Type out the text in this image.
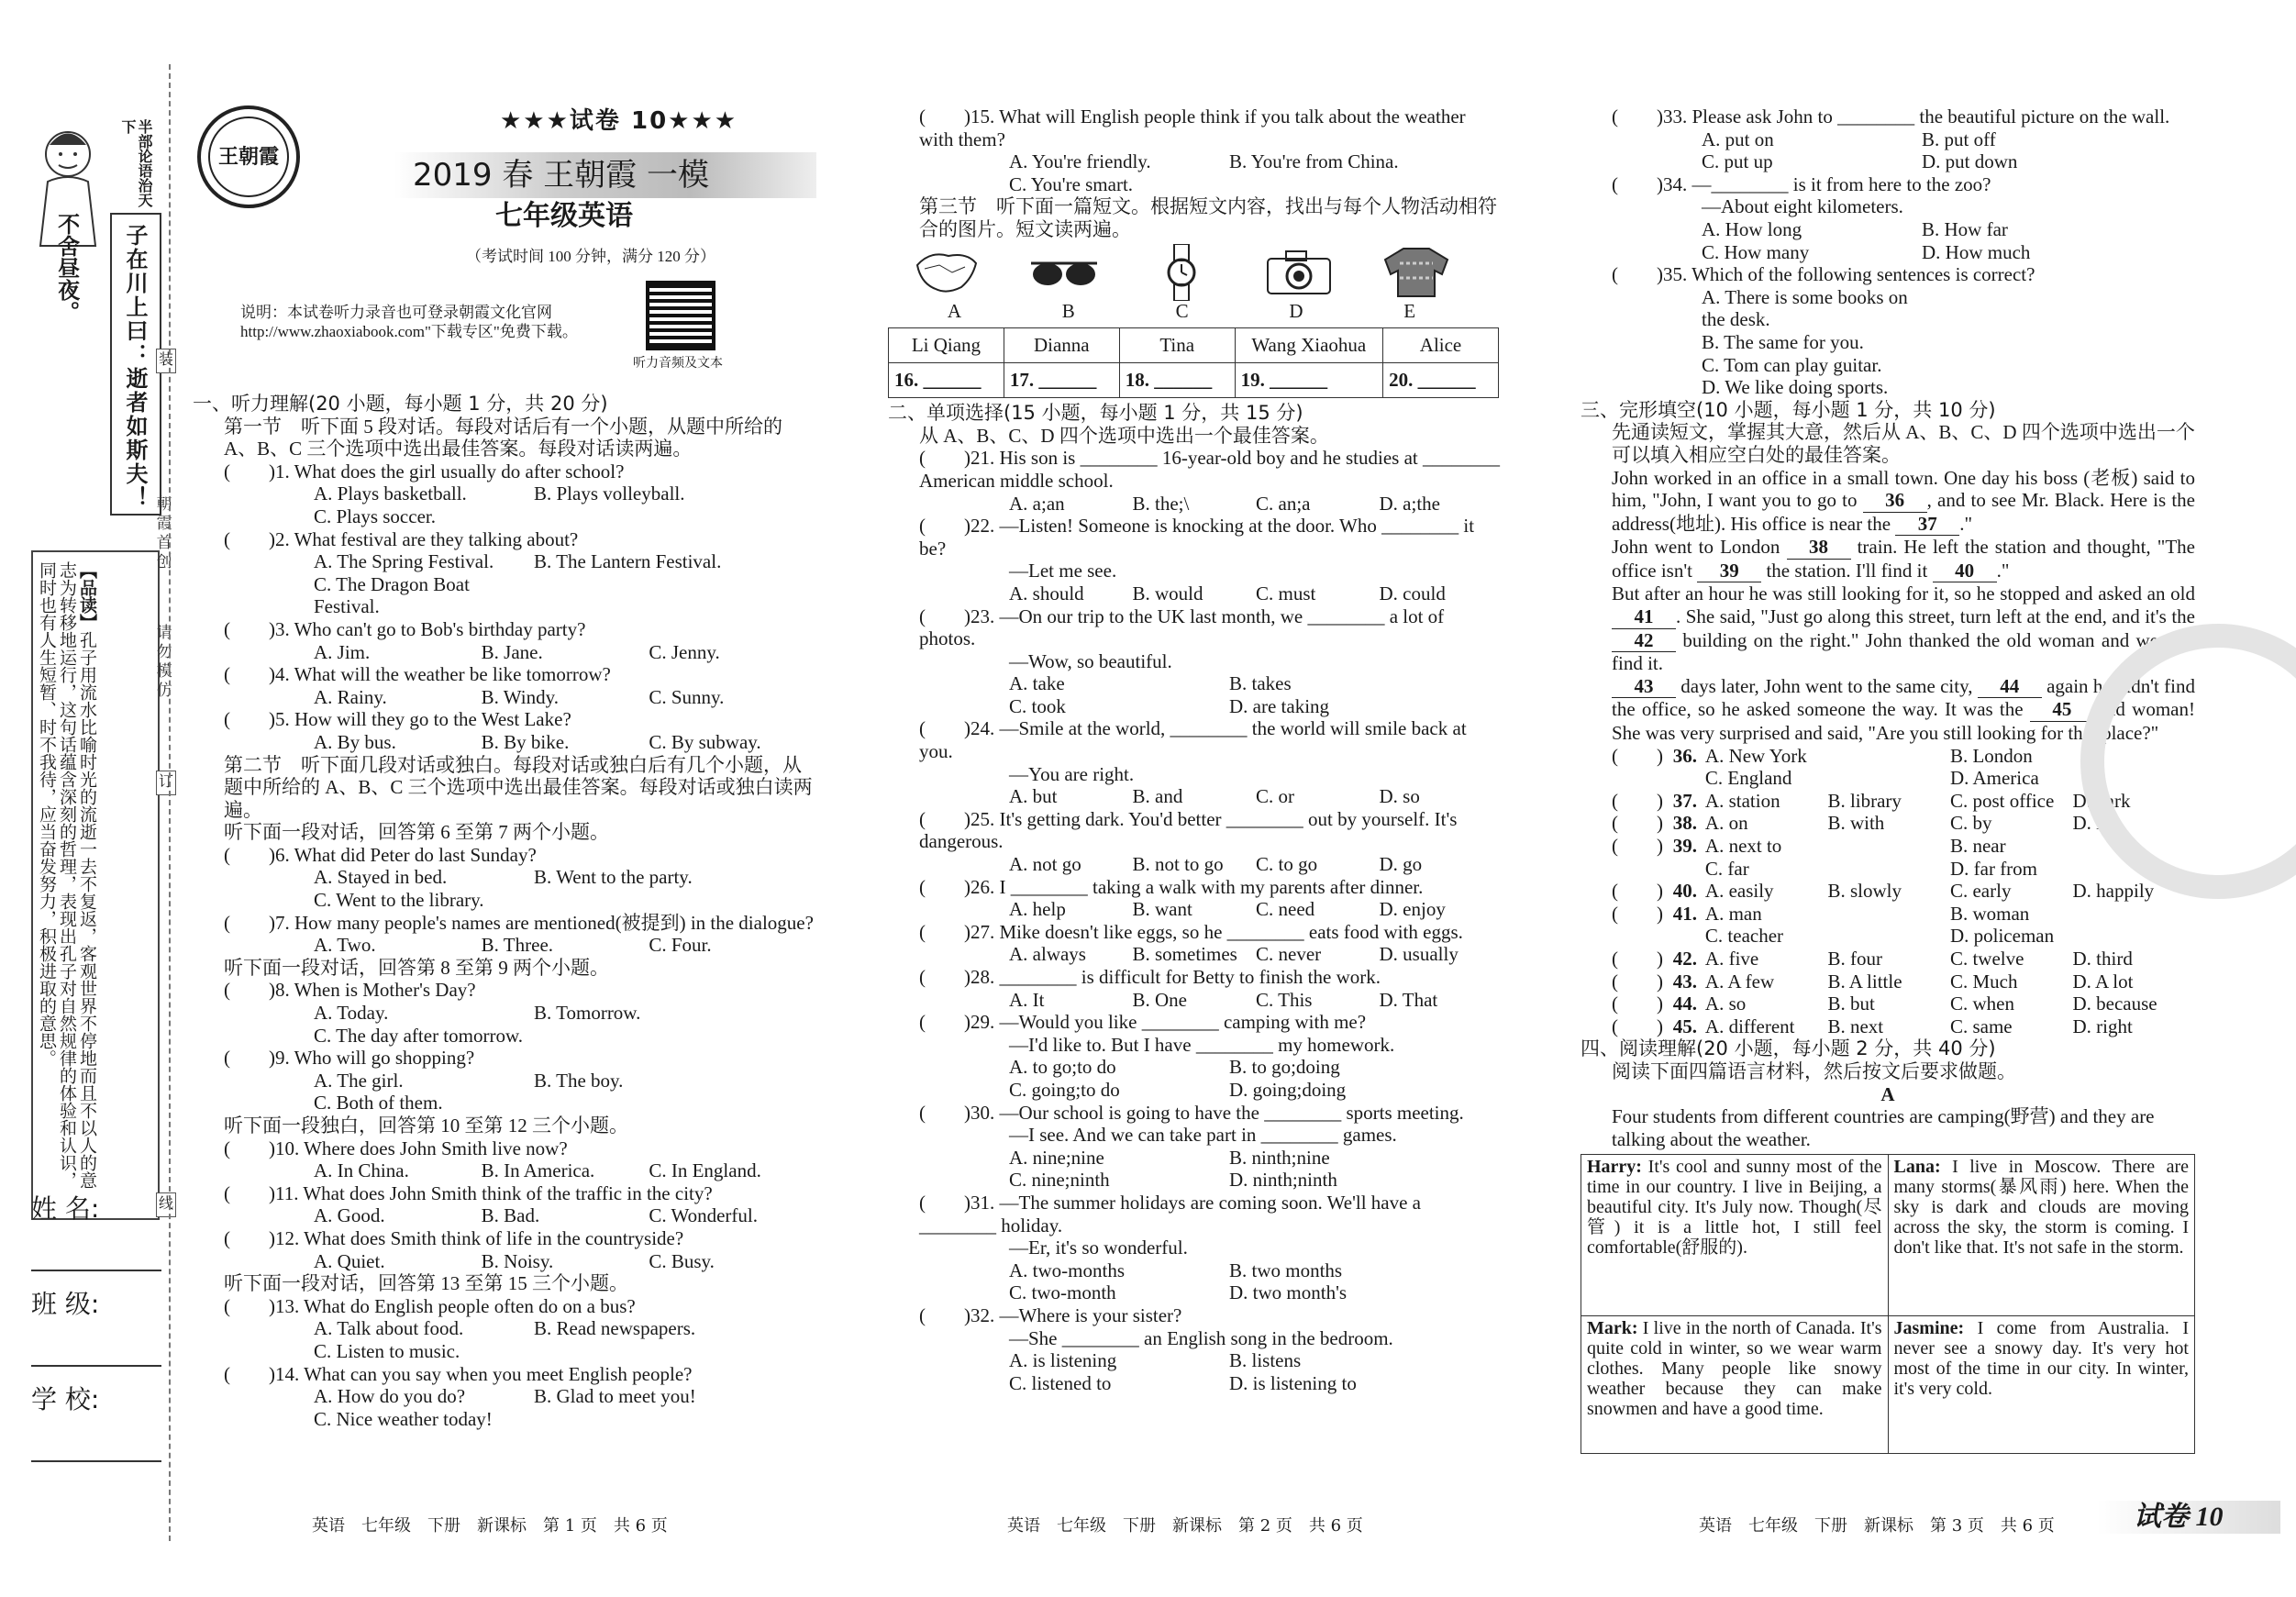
半部论语治天下
不舍昼夜。 子在川上曰：逝者如斯夫！
【品读】孔子用流水比喻时光的流逝一去不复返，客观世界不停地而且不以人的意志为转移地运行，这句话蕴含深刻的哲理，表现出孔子对自然规律的体验和认识，同时也有人生短暂、时不我待，应当奋发努力，积极进取的意思。
朝霞首创
请勿模仿
装
订
线
姓 名:
班 级:
学 校:
王朝霞
★★★试卷 10★★★
2019 春 王朝霞 一模
七年级英语
（考试时间 100 分钟，满分 120 分）
说明：本试卷听力录音也可登录朝霞文化官网 http://www.zhaoxiabook.com"下载专区"免费下载。
听力音频及文本
一、听力理解(20 小题，每小题 1 分，共 20 分)
第一节　听下面 5 段对话。每段对话后有一个小题，从题中所给的 A、B、C 三个选项中选出最佳答案。每段对话读两遍。
(　　)1. What does the girl usually do after school?
A. Plays basketball.	B. Plays volleyball.
C. Plays soccer.
(　　)2. What festival are they talking about?
A. The Spring Festival.	B. The Lantern Festival.
C. The Dragon Boat Festival.
(　　)3. Who can't go to Bob's birthday party?
A. Jim.	B. Jane.	C. Jenny.
(　　)4. What will the weather be like tomorrow?
A. Rainy.	B. Windy.	C. Sunny.
(　　)5. How will they go to the West Lake?
A. By bus.	B. By bike.	C. By subway.
第二节　听下面几段对话或独白。每段对话或独白后有几个小题，从题中所给的 A、B、C 三个选项中选出最佳答案。每段对话或独白读两遍。
听下面一段对话，回答第 6 至第 7 两个小题。
(　　)6. What did Peter do last Sunday?
A. Stayed in bed.	B. Went to the party.
C. Went to the library.
(　　)7. How many people's names are mentioned(被提到) in the dialogue?
A. Two.	B. Three.	C. Four.
听下面一段对话，回答第 8 至第 9 两个小题。
(　　)8. When is Mother's Day?
A. Today.	B. Tomorrow.
C. The day after tomorrow.
(　　)9. Who will go shopping?
A. The girl.	B. The boy.
C. Both of them.
听下面一段独白，回答第 10 至第 12 三个小题。
(　　)10. Where does John Smith live now?
A. In China.	B. In America.	C. In England.
(　　)11. What does John Smith think of the traffic in the city?
A. Good.	B. Bad.	C. Wonderful.
(　　)12. What does Smith think of life in the countryside?
A. Quiet.	B. Noisy.	C. Busy.
听下面一段对话，回答第 13 至第 15 三个小题。
(　　)13. What do English people often do on a bus?
A. Talk about food.	B. Read newspapers.
C. Listen to music.
(　　)14. What can you say when you meet English people?
A. How do you do?	B. Glad to meet you!
C. Nice weather today!
(　　)15. What will English people think if you talk about the weather with them?
A. You're friendly.	B. You're from China.
C. You're smart.
第三节　听下面一篇短文。根据短文内容，找出与每个人物活动相符合的图片。短文读两遍。
A	B	C	D	E
Li Qiang	Dianna	Tina	Wang Xiaohua	Alice
16. ______	17. ______	18. ______	19. ______	20. ______
二、单项选择(15 小题，每小题 1 分，共 15 分)
从 A、B、C、D 四个选项中选出一个最佳答案。
(　　)21. His son is ________ 16-year-old boy and he studies at ________ American middle school.
A. a;an	B. the;\	C. an;a	D. a;the
(　　)22. —Listen! Someone is knocking at the door. Who ________ it be?
—Let me see.
A. should	B. would	C. must	D. could
(　　)23. —On our trip to the UK last month, we ________ a lot of photos.
—Wow, so beautiful.
A. take	B. takes
C. took	D. are taking
(　　)24. —Smile at the world, ________ the world will smile back at you.
—You are right.
A. but	B. and	C. or	D. so
(　　)25. It's getting dark. You'd better ________ out by yourself. It's dangerous.
A. not go	B. not to go	C. to go	D. go
(　　)26. I ________ taking a walk with my parents after dinner.
A. help	B. want	C. need	D. enjoy
(　　)27. Mike doesn't like eggs, so he ________ eats food with eggs.
A. always	B. sometimes C. never	D. usually
(　　)28. ________ is difficult for Betty to finish the work.
A. It	B. One	C. This	D. That
(　　)29. —Would you like ________ camping with me?
—I'd like to. But I have ________ my homework.
A. to go;to do	B. to go;doing
C. going;to do	D. going;doing
(　　)30. —Our school is going to have the ________ sports meeting.
—I see. And we can take part in ________ games.
A. nine;nine	B. ninth;nine
C. nine;ninth	D. ninth;ninth
(　　)31. —The summer holidays are coming soon. We'll have a ________ holiday.
—Er, it's so wonderful.
A. two-months	B. two months
C. two-month	D. two month's
(　　)32. —Where is your sister?
—She ________ an English song in the bedroom.
A. is listening	B. listens
C. listened to	D. is listening to
(　　)33. Please ask John to ________ the beautiful picture on the wall.
A. put on	B. put off
C. put up	D. put down
(　　)34. —________ is it from here to the zoo?
—About eight kilometers.
A. How long	B. How far
C. How many	D. How much
(　　)35. Which of the following sentences is correct?
A. There is some books on the desk.
B. The same for you.
C. Tom can play guitar.
D. We like doing sports.
三、完形填空(10 小题，每小题 1 分，共 10 分)
先通读短文，掌握其大意，然后从 A、B、C、D 四个选项中选出一个可以填入相应空白处的最佳答案。
John worked in an office in a small town. One day his boss (老板) said to him, "John, I want you to go to 36 , and to see Mr. Black. Here is the address(地址). His office is near the 37 ."
John went to London 38 train. He left the station and thought, "The office isn't 39 the station. I'll find it 40 ."
But after an hour he was still looking for it, so he stopped and asked an old 41 . She said, "Just go along this street, turn left at the end, and it's the 42 building on the right." John thanked the old woman and went to find it.
43 days later, John went to the same city, 44 again he didn't find the office, so he asked someone the way. It was the 45 old woman! She was very surprised and said, "Are you still looking for that place?"
(　　) 36. A. New York	B. London
C. England	D. America
(　　) 37. A. station	B. library	C. post office D. park
(　　) 38. A. on	B. with	C. by	D. in
(　　) 39. A. next to	B. near
C. far	D. far from
(　　) 40. A. easily	B. slowly	C. early	D. happily
(　　) 41. A. man	B. woman
C. teacher	D. policeman
(　　) 42. A. five	B. four	C. twelve	D. third
(　　) 43. A. A few	B. A little	C. Much	D. A lot
(　　) 44. A. so	B. but	C. when	D. because
(　　) 45. A. different	B. next	C. same	D. right
四、阅读理解(20 小题，每小题 2 分，共 40 分)
阅读下面四篇语言材料，然后按文后要求做题。
A
Four students from different countries are camping(野营) and they are talking about the weather.
Harry: It's cool and sunny most of the time in our country. I live in Beijing, a beautiful city. It's July now. Though(尽管) it is a little hot, I still feel comfortable(舒服的).	Lana: I live in Moscow. There are many storms(暴风雨) here. When the sky is dark and clouds are moving across the sky, the storm is coming. I don't like that. It's not safe in the storm.
Mark: I live in the north of Canada. It's quite cold in winter, so we wear warm clothes. Many people like snowy weather because they can make snowmen and have a good time.	Jasmine: I come from Australia. I never see a snowy day. It's very hot most of the time in our city. In winter, it's very cold.
英语　七年级　下册　新课标　第 1 页　共 6 页	英语　七年级　下册　新课标　第 2 页　共 6 页	英语　七年级　下册　新课标　第 3 页　共 6 页	试卷 10
